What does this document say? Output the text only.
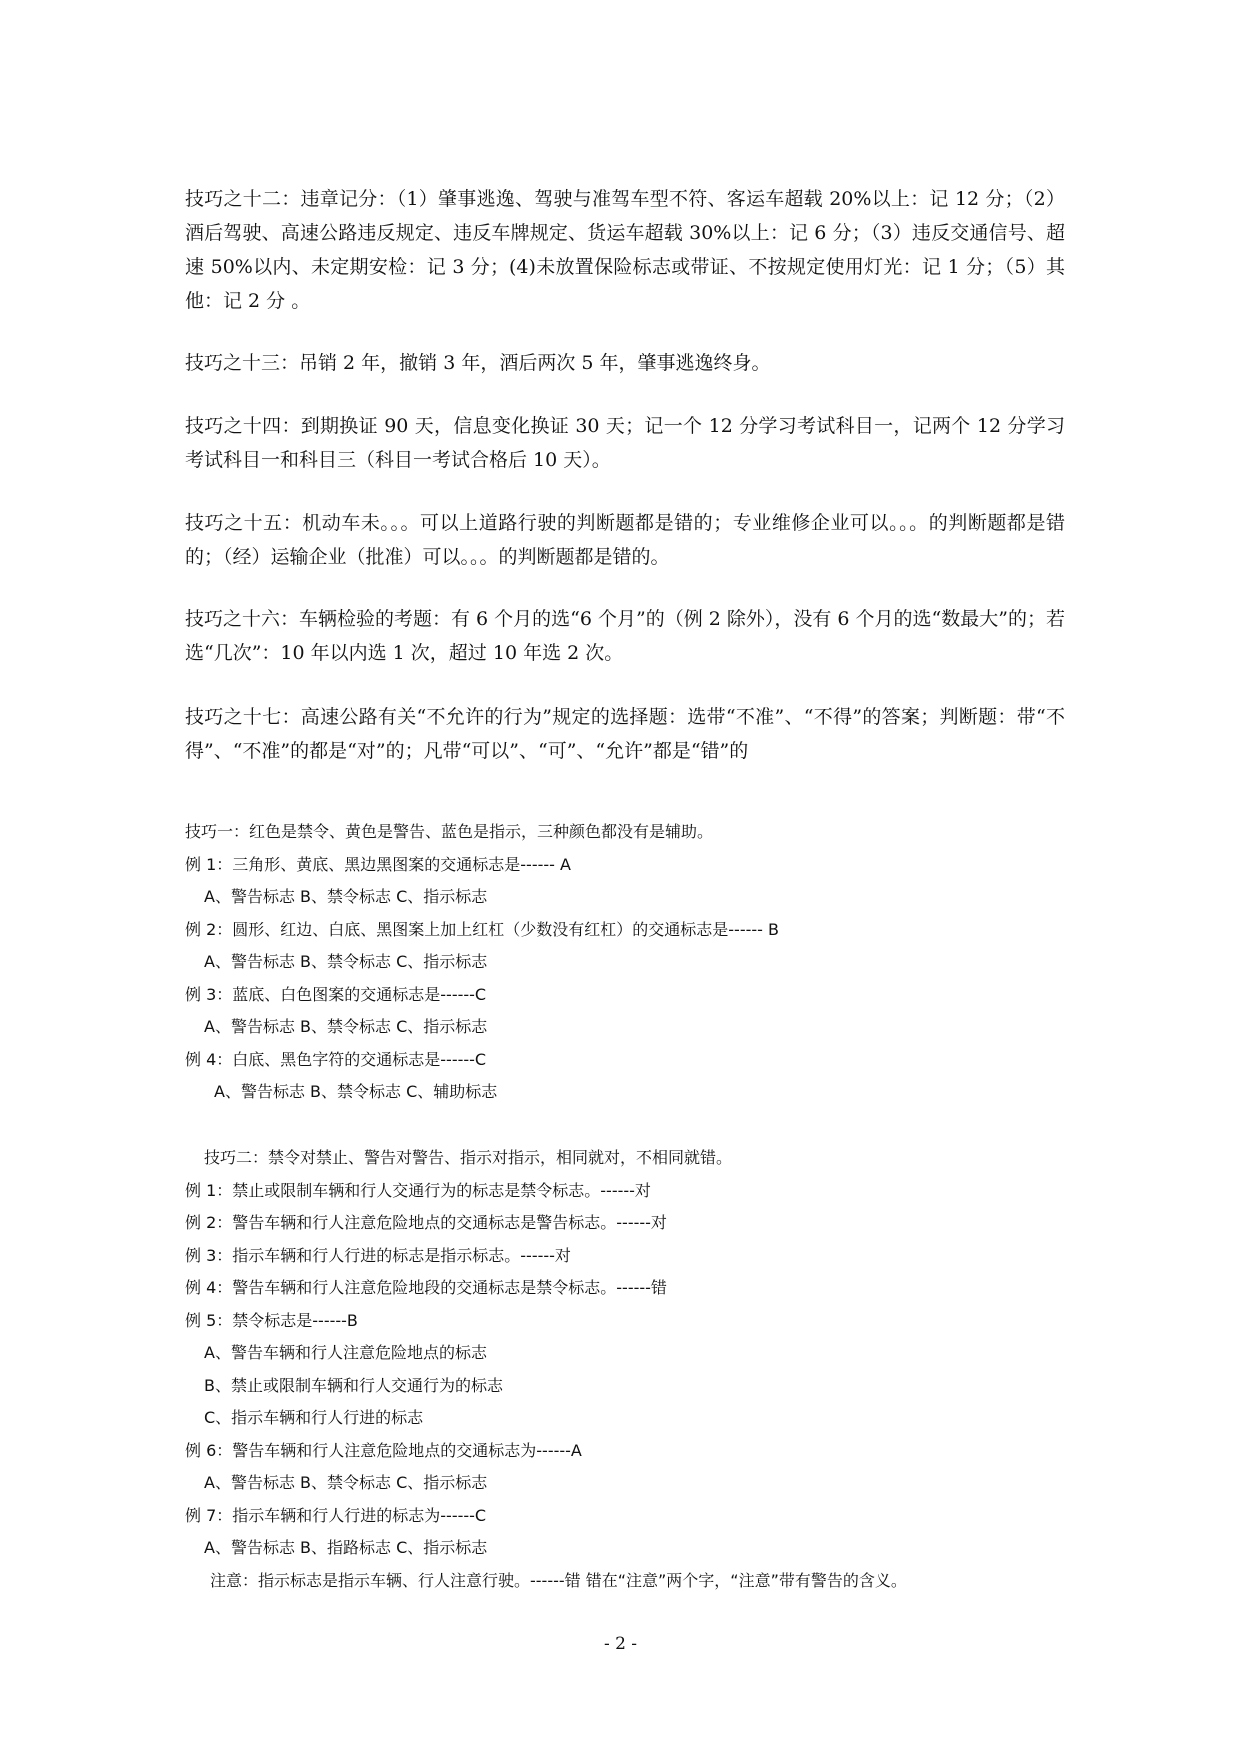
技巧之十二：违章记分：（1）肇事逃逸、驾驶与准驾车型不符、客运车超载 20%以上：记 12 分；（2）酒后驾驶、高速公路违反规定、违反车牌规定、货运车超载 30%以上：记 6 分；（3）违反交通信号、超速 50%以内、未定期安检：记 3 分；(4)未放置保险标志或带证、不按规定使用灯光：记 1 分；（5）其他：记 2 分 。

技巧之十三：吊销 2 年，撤销 3 年，酒后两次 5 年，肇事逃逸终身。

技巧之十四：到期换证 90 天，信息变化换证 30 天；记一个 12 分学习考试科目一，记两个 12 分学习考试科目一和科目三（科目一考试合格后 10 天）。

技巧之十五：机动车未。。。可以上道路行驶的判断题都是错的；专业维修企业可以。。。的判断题都是错的；（经）运输企业（批准）可以。。。的判断题都是错的。

技巧之十六：车辆检验的考题：有 6 个月的选“6 个月”的（例 2 除外），没有 6 个月的选“数最大”的；若选“几次”：10 年以内选 1 次，超过 10 年选 2 次。

技巧之十七：高速公路有关“不允许的行为”规定的选择题：选带“不准”、“不得”的答案；判断题：带“不得”、“不准”的都是“对”的；凡带“可以”、“可”、“允许”都是“错”的

技巧一：红色是禁令、黄色是警告、蓝色是指示，三种颜色都没有是辅助。

例 1：三角形、黄底、黑边黑图案的交通标志是------ A

A、警告标志 B、禁令标志 C、指示标志

例 2：圆形、红边、白底、黑图案上加上红杠（少数没有红杠）的交通标志是------ B

A、警告标志 B、禁令标志 C、指示标志

例 3：蓝底、白色图案的交通标志是------C

A、警告标志 B、禁令标志 C、指示标志

例 4：白底、黑色字符的交通标志是------C

A、警告标志 B、禁令标志 C、辅助标志

技巧二：禁令对禁止、警告对警告、指示对指示，相同就对，不相同就错。

例 1：禁止或限制车辆和行人交通行为的标志是禁令标志。------对

例 2：警告车辆和行人注意危险地点的交通标志是警告标志。------对

例 3：指示车辆和行人行进的标志是指示标志。------对

例 4：警告车辆和行人注意危险地段的交通标志是禁令标志。------错

例 5：禁令标志是------B

A、警告车辆和行人注意危险地点的标志

B、禁止或限制车辆和行人交通行为的标志

C、指示车辆和行人行进的标志

例 6：警告车辆和行人注意危险地点的交通标志为------A

A、警告标志 B、禁令标志 C、指示标志

例 7：指示车辆和行人行进的标志为------C

A、警告标志 B、指路标志 C、指示标志

注意：指示标志是指示车辆、行人注意行驶。------错 错在“注意”两个字，“注意”带有警告的含义。

- 2 -
